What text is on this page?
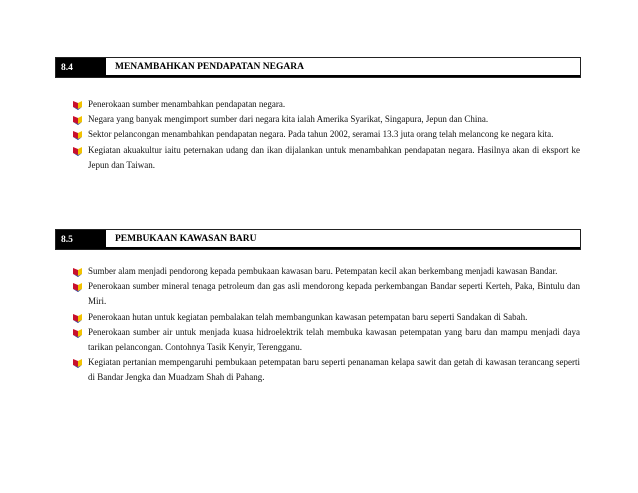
8.4	MENAMBAHKAN PENDAPATAN NEGARA
Penerokaan sumber menambahkan pendapatan negara.
Negara yang banyak mengimport sumber dari negara kita ialah Amerika Syarikat, Singapura, Jepun dan China.
Sektor pelancongan menambahkan pendapatan negara. Pada tahun 2002, seramai 13.3 juta orang telah melancong ke negara kita.
Kegiatan akuakultur iaitu peternakan udang dan ikan dijalankan untuk menambahkan pendapatan negara. Hasilnya akan di eksport ke Jepun dan Taiwan.
8.5	PEMBUKAAN KAWASAN BARU
Sumber alam menjadi pendorong kepada pembukaan kawasan baru. Petempatan kecil akan berkembang menjadi kawasan Bandar.
Penerokaan sumber mineral tenaga petroleum dan gas asli mendorong kepada perkembangan Bandar seperti Kerteh, Paka, Bintulu dan Miri.
Penerokaan hutan untuk kegiatan pembalakan telah membangunkan kawasan petempatan baru seperti Sandakan di Sabah.
Penerokaan sumber air untuk menjada kuasa hidroelektrik telah membuka kawasan petempatan yang baru dan mampu menjadi daya tarikan pelancongan. Contohnya Tasik Kenyir, Terengganu.
Kegiatan pertanian mempengaruhi pembukaan petempatan baru seperti penanaman kelapa sawit dan getah di kawasan terancang seperti di Bandar Jengka dan Muadzam Shah di Pahang.
